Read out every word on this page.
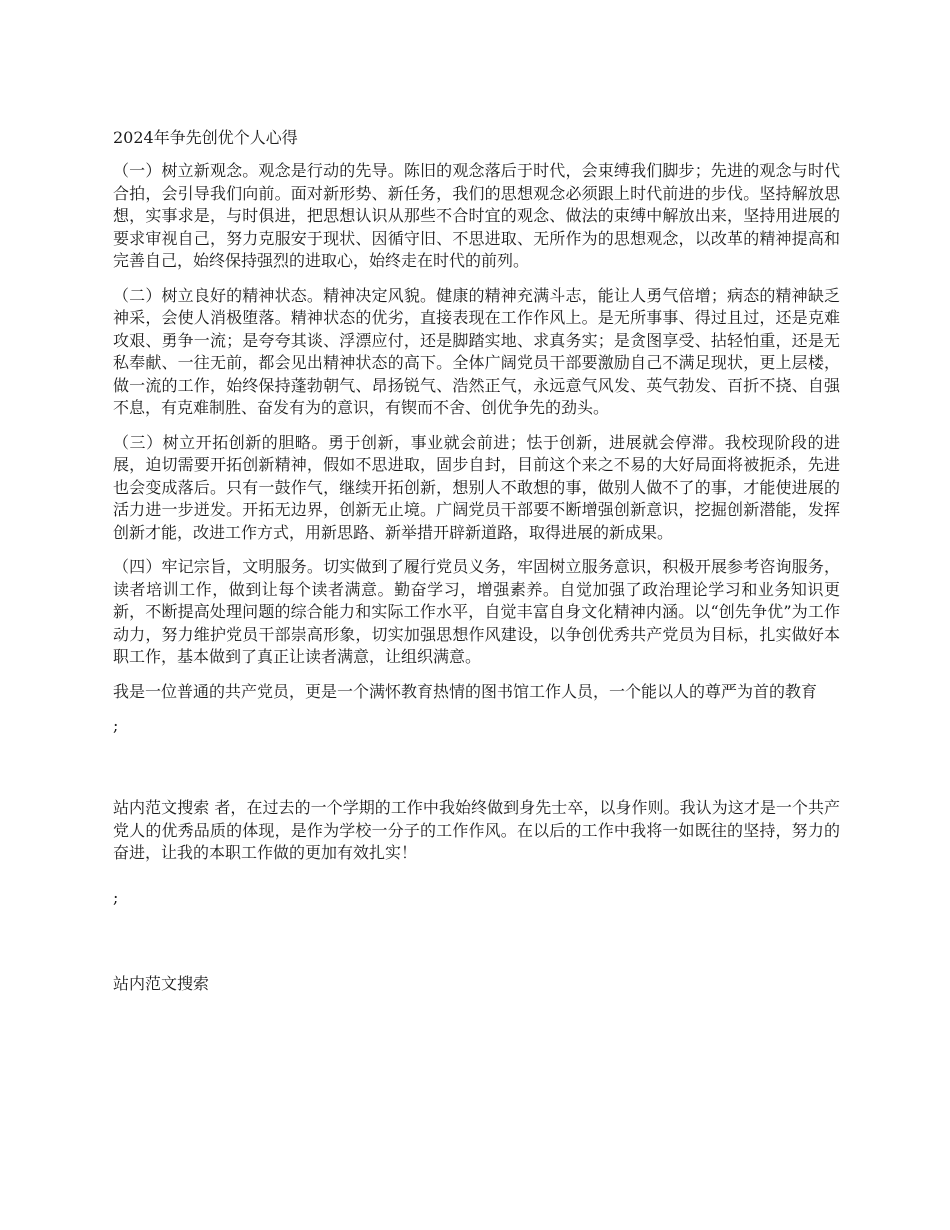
2024年争先创优个人心得

（一）树立新观念。观念是行动的先导。陈旧的观念落后于时代，会束缚我们脚步；先进的观念与时代合拍，会引导我们向前。面对新形势、新任务，我们的思想观念必须跟上时代前进的步伐。坚持解放思想，实事求是，与时俱进，把思想认识从那些不合时宜的观念、做法的束缚中解放出来，坚持用进展的要求审视自己，努力克服安于现状、因循守旧、不思进取、无所作为的思想观念，以改革的精神提高和完善自己，始终保持强烈的进取心，始终走在时代的前列。

（二）树立良好的精神状态。精神决定风貌。健康的精神充满斗志，能让人勇气倍增；病态的精神缺乏神采，会使人消极堕落。精神状态的优劣，直接表现在工作作风上。是无所事事、得过且过，还是克难攻艰、勇争一流；是夸夸其谈、浮漂应付，还是脚踏实地、求真务实；是贪图享受、拈轻怕重，还是无私奉献、一往无前，都会见出精神状态的高下。全体广阔党员干部要激励自己不满足现状，更上层楼，做一流的工作，始终保持蓬勃朝气、昂扬锐气、浩然正气，永远意气风发、英气勃发、百折不挠、自强不息，有克难制胜、奋发有为的意识，有锲而不舍、创优争先的劲头。

（三）树立开拓创新的胆略。勇于创新，事业就会前进；怯于创新，进展就会停滞。我校现阶段的进展，迫切需要开拓创新精神，假如不思进取，固步自封，目前这个来之不易的大好局面将被扼杀，先进也会变成落后。只有一鼓作气，继续开拓创新，想别人不敢想的事，做别人做不了的事，才能使进展的活力进一步迸发。开拓无边界，创新无止境。广阔党员干部要不断增强创新意识，挖掘创新潜能，发挥创新才能，改进工作方式，用新思路、新举措开辟新道路，取得进展的新成果。

（四）牢记宗旨，文明服务。切实做到了履行党员义务，牢固树立服务意识，积极开展参考咨询服务，读者培训工作，做到让每个读者满意。勤奋学习，增强素养。自觉加强了政治理论学习和业务知识更新，不断提高处理问题的综合能力和实际工作水平，自觉丰富自身文化精神内涵。以“创先争优”为工作动力，努力维护党员干部崇高形象，切实加强思想作风建设，以争创优秀共产党员为目标，扎实做好本职工作，基本做到了真正让读者满意，让组织满意。

我是一位普通的共产党员，更是一个满怀教育热情的图书馆工作人员，一个能以人的尊严为首的教育

;

站内范文搜索 者，在过去的一个学期的工作中我始终做到身先士卒，以身作则。我认为这才是一个共产党人的优秀品质的体现，是作为学校一分子的工作作风。在以后的工作中我将一如既往的坚持，努力的奋进，让我的本职工作做的更加有效扎实！

;

站内范文搜索
